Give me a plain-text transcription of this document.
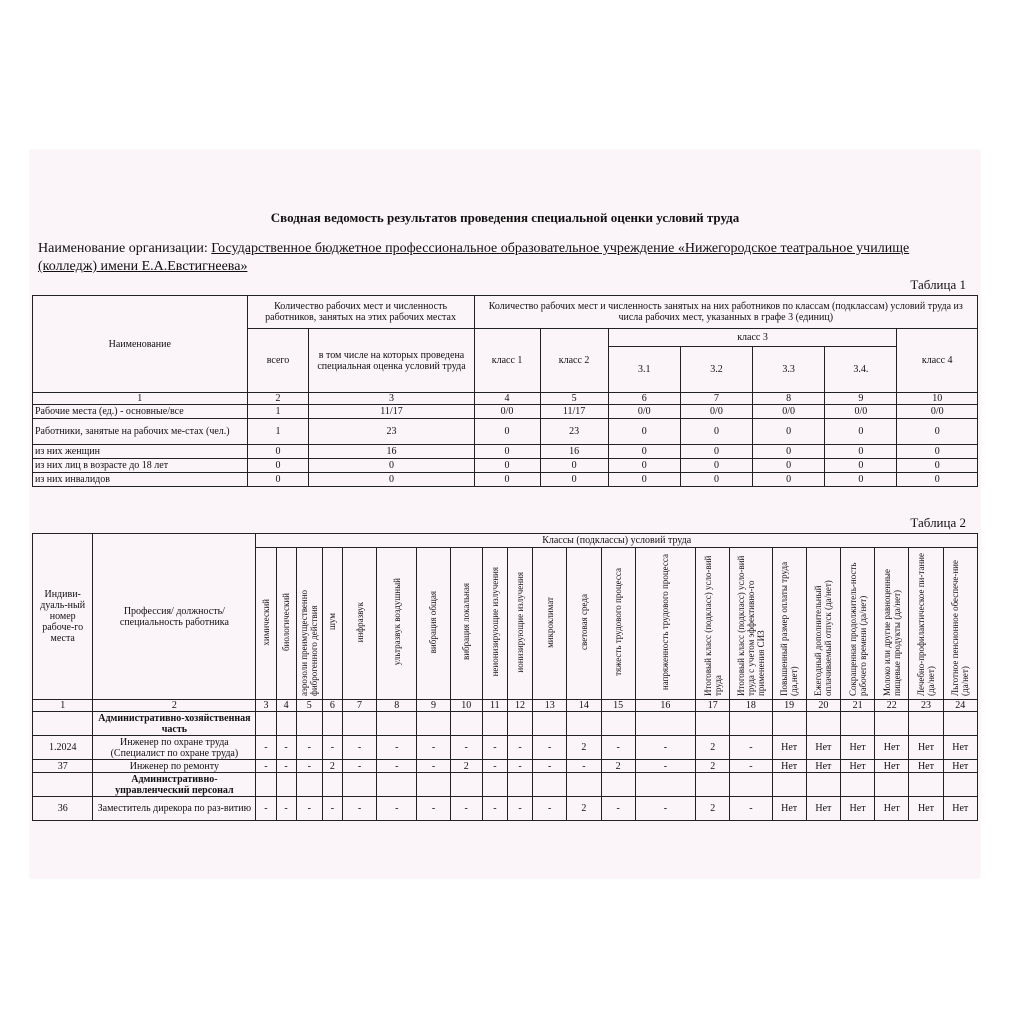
Сводная ведомость результатов проведения специальной оценки условий труда
Наименование организации: Государственное бюджетное профессиональное образовательное учреждение «Нижегородское театральное училище (колледж) имени Е.А.Евстигнеева»
Таблица 1
Наименование	Количество рабочих мест и численность работников, занятых на этих рабочих местах		Количество рабочих мест и численность занятых на них работников по классам (подклассам) условий труда из числа рабочих мест, указанных в графе 3 (единиц)						
	всего	в том числе на которых проведена специальная оценка условий труда	класс 1	класс 2	класс 3				класс 4
					3.1	3.2	3.3	3.4.	
1	2	3	4	5	6	7	8	9	10
Рабочие места (ед.) - основные/все	1	11/17	0/0	11/17	0/0	0/0	0/0	0/0	0/0
Работники, занятые на рабочих ме-стах (чел.)	1	23	0	23	0	0	0	0	0
из них женщин	0	16	0	16	0	0	0	0	0
из них лиц в возрасте до 18 лет	0	0	0	0	0	0	0	0	0
из них инвалидов	0	0	0	0	0	0	0	0	0
Таблица 2
Индиви-дуаль-ный номер рабоче-го места	Профессия/ должность/ специальность работника	Классы (подклассы) условий труда																					
		химический	биологический	аэрозоли преимущественно фиброгенного действия	шум	инфразвук	ультразвук воздушный	вибрация общая	вибрация локальная	неионизирующие излучения	ионизирующие излучения	микроклимат	световая среда	тяжесть трудового процесса	напряженность трудового процесса	Итоговый класс (подкласс) усло-вий труда	Итоговый класс (подкласс) усло-вий труда с учетом эффективно-го применения СИЗ	Повышенный размер оплаты труда (да,нет)	Ежегодный дополнительный оплачиваемый отпуск (да/нет)	Сокращенная продолжитель-ность рабочего времени (да/нет)	Молоко или другие равноценные пищевые продукты (да/нет)	Лечебно-профилактическое пи-тание (да/нет)	Льготное пенсионное обеспече-ние (да/нет)
1	2	3	4	5	6	7	8	9	10	11	12	13	14	15	16	17	18	19	20	21	22	23	24
	Административно-хозяйственная часть																						
1.2024	Инженер по охране труда (Специалист по охране труда)	-	-	-	-	-	-	-	-	-	-	-	2	-	-	2	-	Нет	Нет	Нет	Нет	Нет	Нет
37	Инженер по ремонту	-	-	-	2	-	-	-	2	-	-	-	-	2	-	2	-	Нет	Нет	Нет	Нет	Нет	Нет
	Административно-управленческий персонал																						
36	Заместитель дирекора по раз-витию	-	-	-	-	-	-	-	-	-	-	-	2	-	-	2	-	Нет	Нет	Нет	Нет	Нет	Нет
